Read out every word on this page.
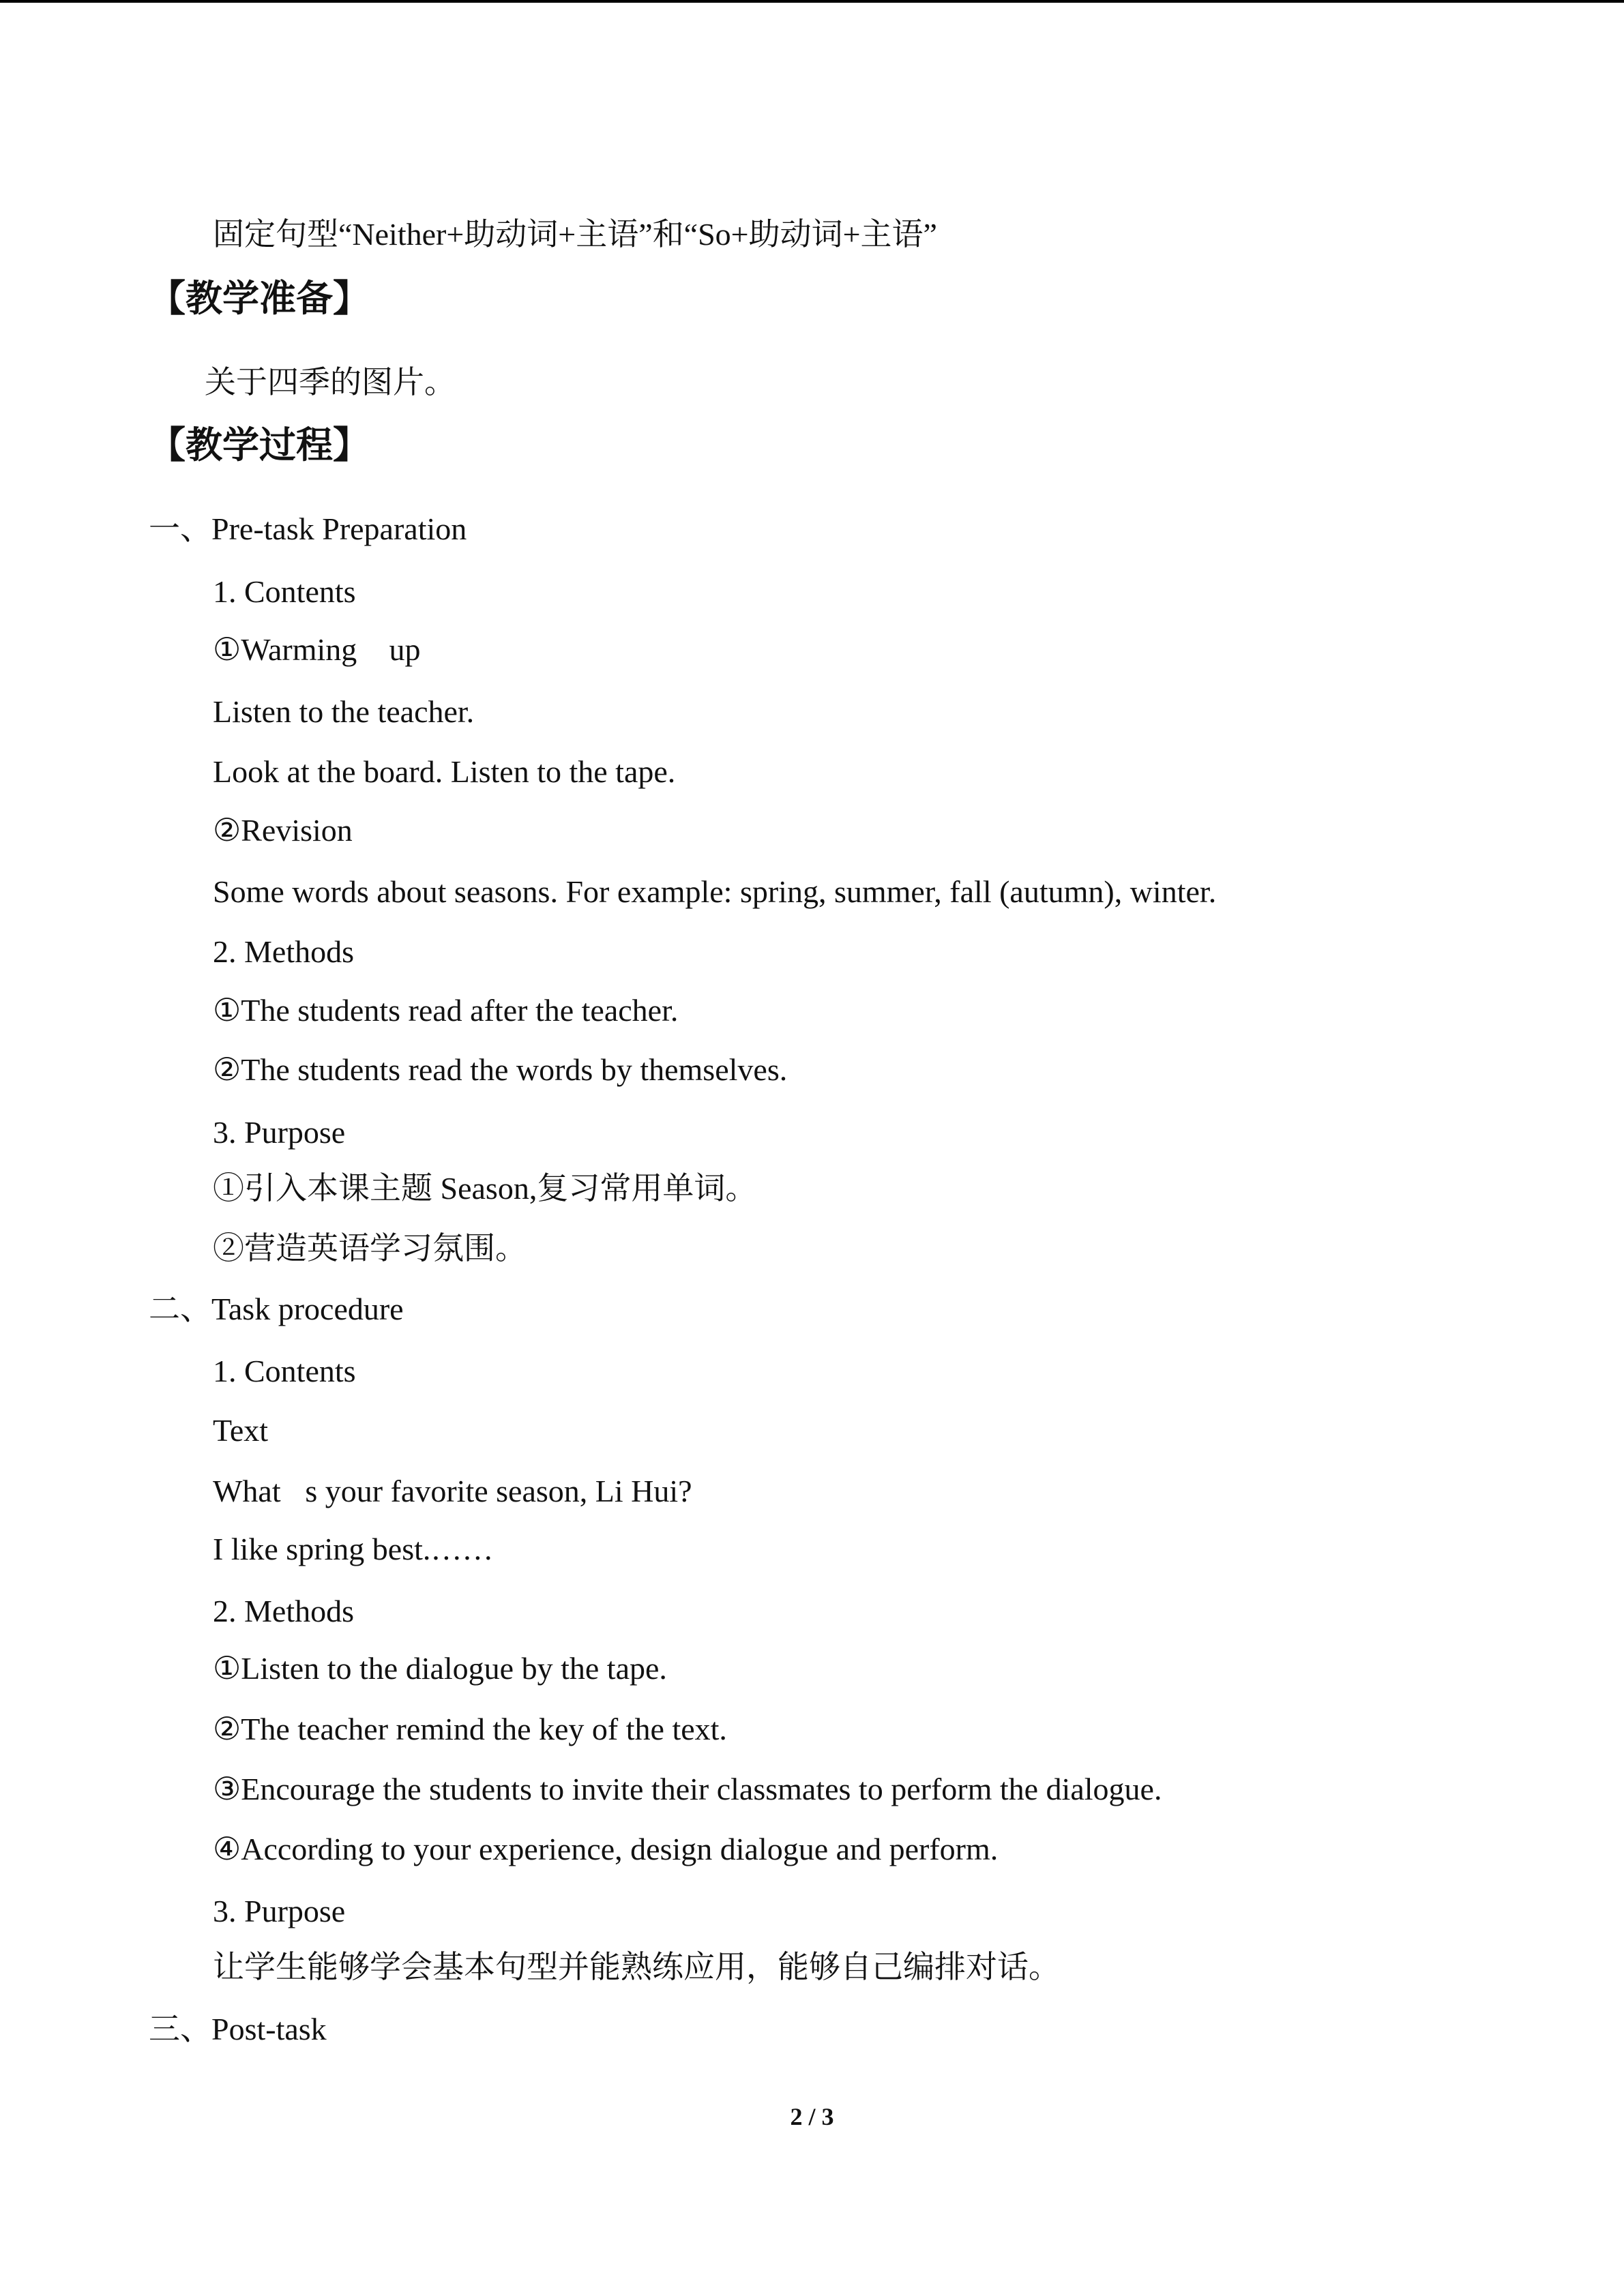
固定句型“Neither+助动词+主语”和“So+助动词+主语”
【教学准备】
关于四季的图片。
【教学过程】
一、Pre-task Preparation
1. Contents
①Warming  up
Listen to the teacher.
Look at the board. Listen to the tape.
②Revision
Some words about seasons. For example: spring, summer, fall (autumn), winter.
2. Methods
①The students read after the teacher.
②The students read the words by themselves.
3. Purpose
①引入本课主题 Season,复习常用单词。
②营造英语学习氛围。
二、Task procedure
1. Contents
Text
What s your favorite season, Li Hui?
I like spring best.……
2. Methods
①Listen to the dialogue by the tape.
②The teacher remind the key of the text.
③Encourage the students to invite their classmates to perform the dialogue.
④According to your experience, design dialogue and perform.
3. Purpose
让学生能够学会基本句型并能熟练应用，能够自己编排对话。
三、Post-task
2 / 3
